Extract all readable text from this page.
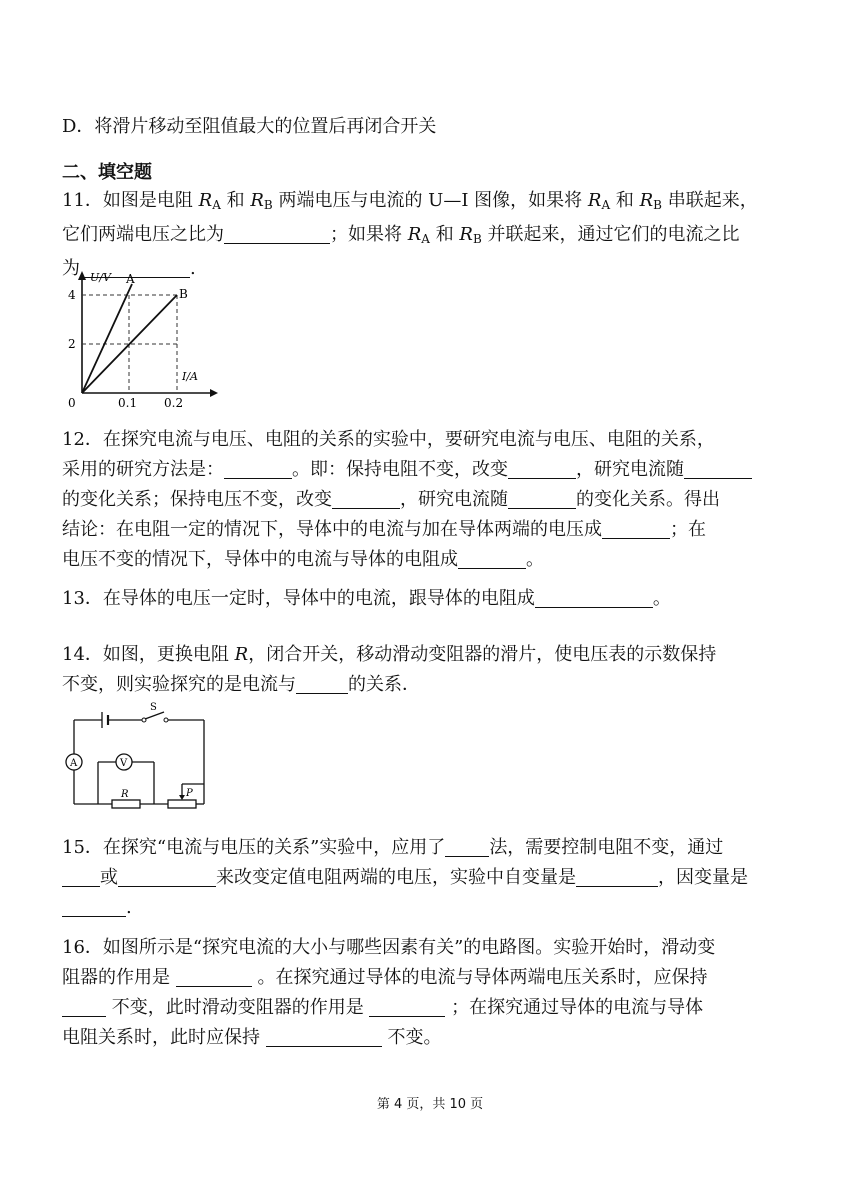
D．将滑片移动至阻值最大的位置后再闭合开关

二、填空题

11．如图是电阻 $R_A$ 和 $R_B$ 两端电压与电流的 U—I 图像，如果将 $R_A$ 和 $R_B$ 串联起来，

它们两端电压之比为	；如果将 $R_A$ 和 $R_B$ 并联起来，通过它们的电流之比

为	.

U/V
I/A
A
B
4
2
0	0.1 0.2

12．在探究电流与电压、电阻的关系的实验中，要研究电流与电压、电阻的关系，

采用的研究方法是：	。即：保持电阻不变，改变	，研究电流随

的变化关系；保持电压不变，改变	，研究电流随	的变化关系。得出

结论：在电阻一定的情况下，导体中的电流与加在导体两端的电压成	；在

电压不变的情况下，导体中的电流与导体的电阻成	。

13．在导体的电压一定时，导体中的电流，跟导体的电阻成	。

14．如图，更换电阻 R，闭合开关，移动滑动变阻器的滑片，使电压表的示数保持

不变，则实验探究的是电流与	的关系．

S
A
R	P
V

15．在探究“电流与电压的关系”实验中，应用了 法，需要控制电阻不变，通过

或	来改变定值电阻两端的电压，实验中自变量是	，因变量是

.

16．如图所示是“探究电流的大小与哪些因素有关”的电路图。实验开始时，滑动变

阻器的作用是	。在探究通过导体的电流与导体两端电压关系时，应保持

不变，此时滑动变阻器的作用是	；在探究通过导体的电流与导体

电阻关系时，此时应保持	不变。

第 4 页，共 10 页
